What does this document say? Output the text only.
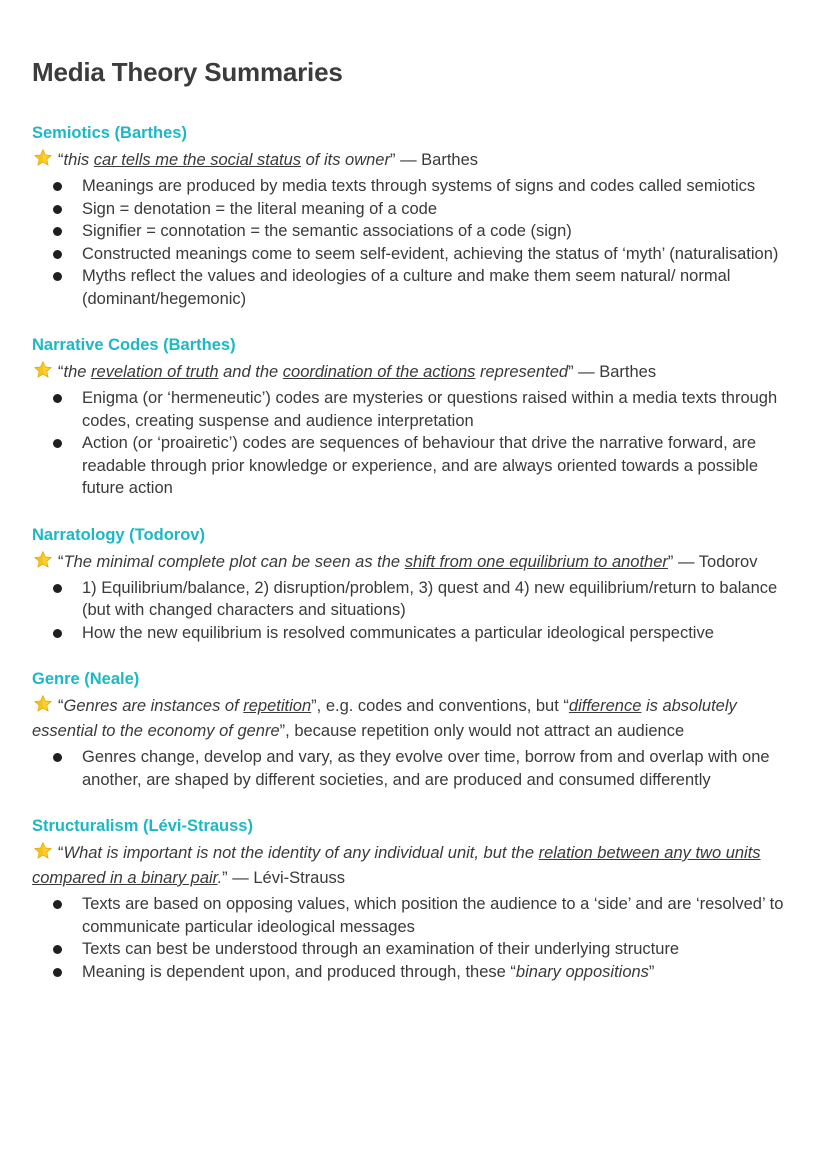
Media Theory Summaries
Semiotics (Barthes)
“this car tells me the social status of its owner” — Barthes
Meanings are produced by media texts through systems of signs and codes called semiotics
Sign = denotation = the literal meaning of a code
Signifier = connotation = the semantic associations of a code (sign)
Constructed meanings come to seem self-evident, achieving the status of ‘myth’ (naturalisation)
Myths reflect the values and ideologies of a culture and make them seem natural/ normal (dominant/hegemonic)
Narrative Codes (Barthes)
“the revelation of truth and the coordination of the actions represented” — Barthes
Enigma (or ‘hermeneutic’) codes are mysteries or questions raised within a media texts through codes, creating suspense and audience interpretation
Action (or ‘proairetic’) codes are sequences of behaviour that drive the narrative forward, are readable through prior knowledge or experience, and are always oriented towards a possible future action
Narratology (Todorov)
“The minimal complete plot can be seen as the shift from one equilibrium to another” — Todorov
1) Equilibrium/balance, 2) disruption/problem, 3) quest and 4) new equilibrium/return to balance (but with changed characters and situations)
How the new equilibrium is resolved communicates a particular ideological perspective
Genre (Neale)
“Genres are instances of repetition”, e.g. codes and conventions, but “difference is absolutely essential to the economy of genre”, because repetition only would not attract an audience
Genres change, develop and vary, as they evolve over time, borrow from and overlap with one another, are shaped by different societies, and are produced and consumed differently
Structuralism (Lévi-Strauss)
“What is important is not the identity of any individual unit, but the relation between any two units compared in a binary pair.” — Lévi-Strauss
Texts are based on opposing values, which position the audience to a ‘side’ and are ‘resolved’ to communicate particular ideological messages
Texts can best be understood through an examination of their underlying structure
Meaning is dependent upon, and produced through, these “binary oppositions”
